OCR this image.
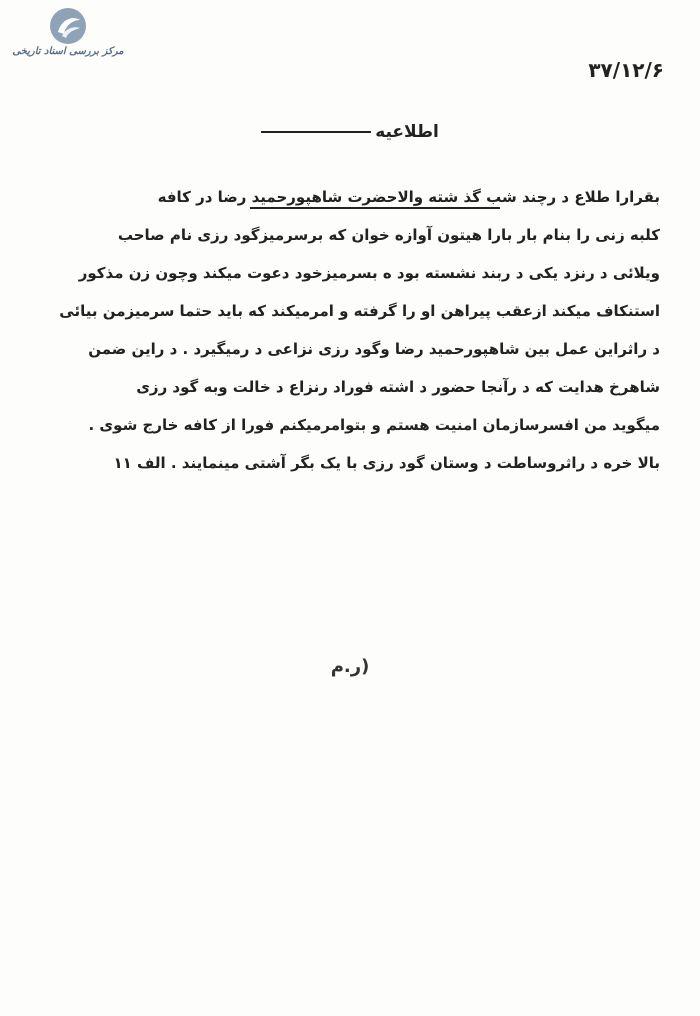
مرکز بررسی اسناد تاریخی
۳۷/۱۲/۶
اطلاعیه
بقرارا طلاع د رچند شب گذ شته والاحضرت شاهپورحمید رضا در کافه
کلبه زنی را بنام بار بارا هیتون آوازه خوان که برسرمیزگود رزی نام صاحب
ویلائی د رنزد یکی د ربند نشسته بود ه بسرمیزخود دعوت میکند وچون زن مذکور
استنکاف میکند ازعقب پیراهن او را گرفته و امرمیکند که باید حتما سرمیزمن بیائی
د راثراین عمل بین شاهپورحمید رضا وگود رزی نزاعی د رمیگیرد . د راین ضمن
شاهرخ هدایت که د رآنجا حضور د اشته فوراد رنزاع د خالت وبه گود رزی
میگوید من افسرسازمان امنیت هستم و بتوامرمیکنم فورا از کافه خارج شوی .
بالا خره د راثروساطت د وستان گود رزی با یک بگر آشتی مینمایند . الف ۱۱
(ر.م
